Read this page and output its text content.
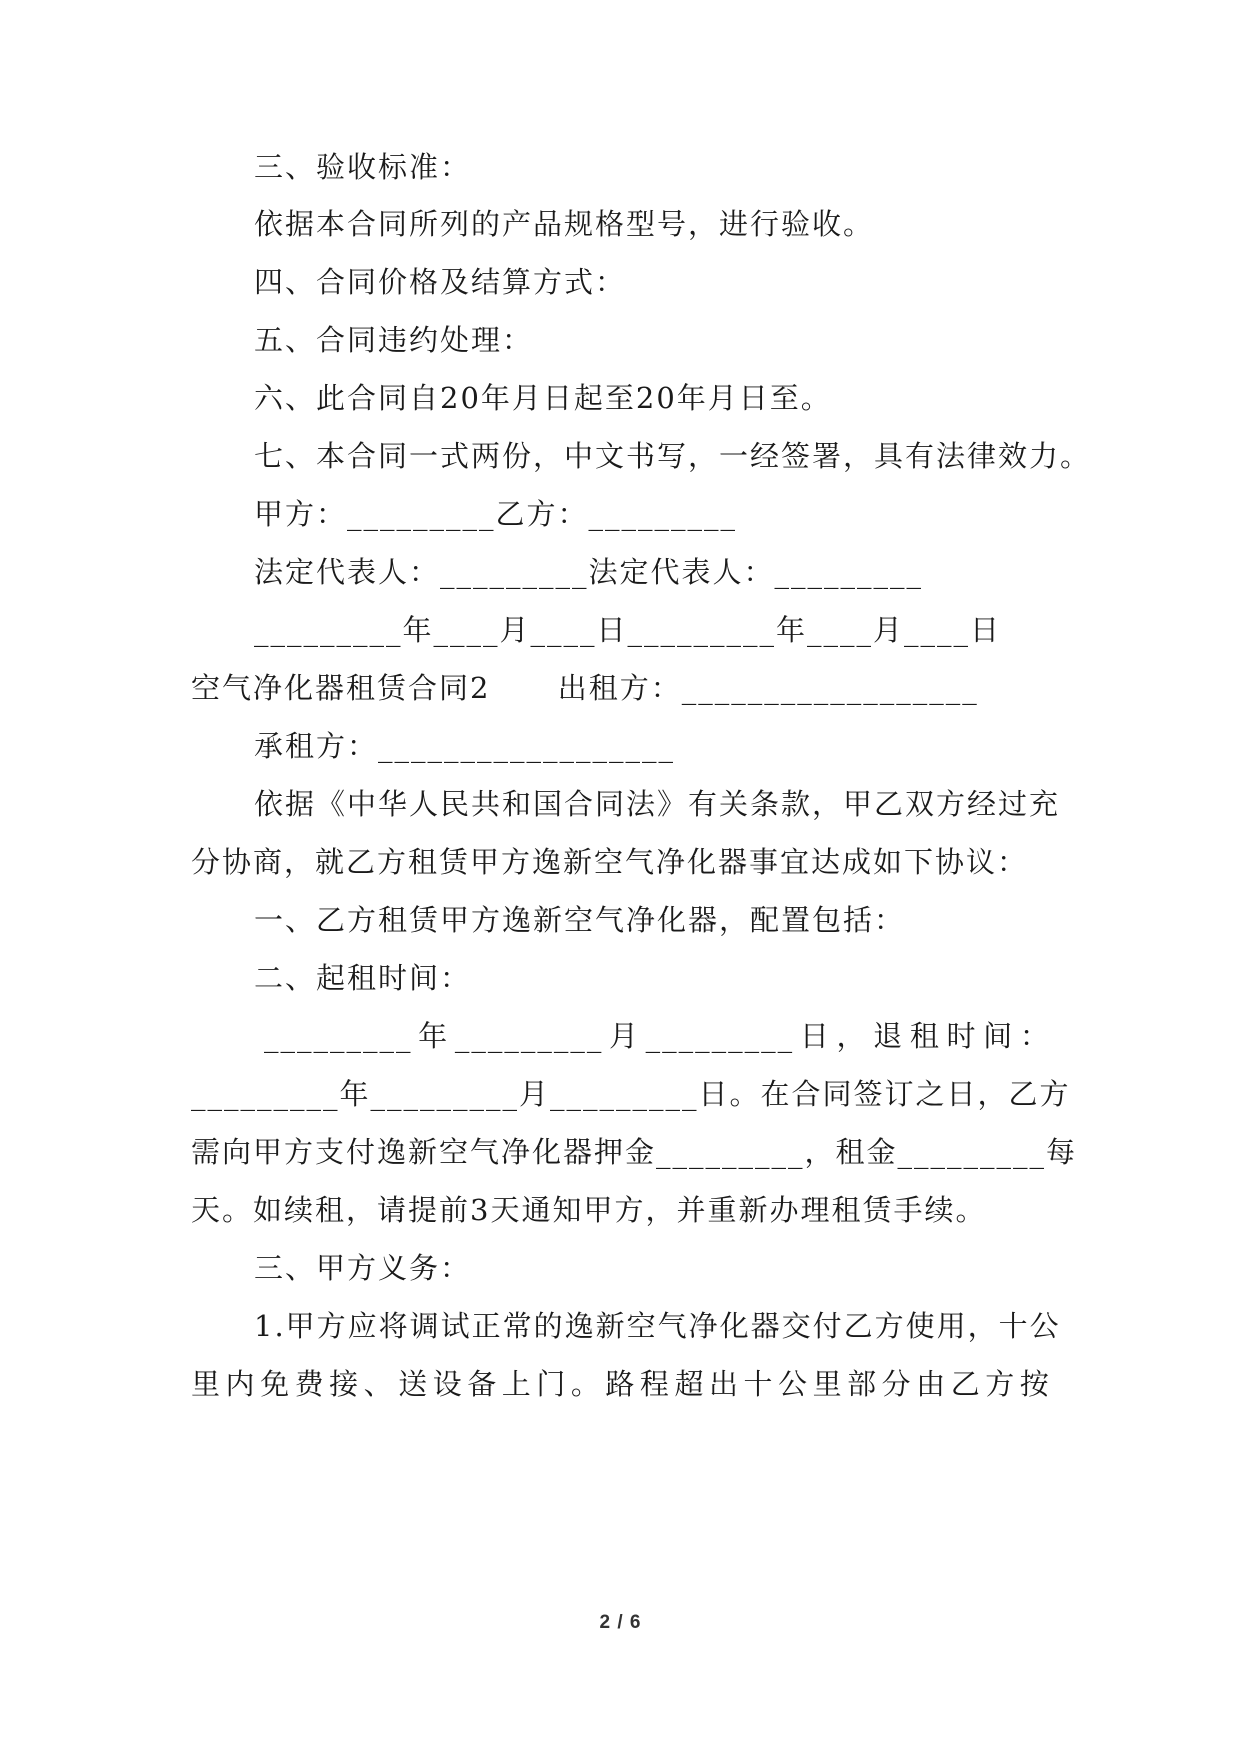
三、验收标准：
依据本合同所列的产品规格型号，进行验收。
四、合同价格及结算方式：
五、合同违约处理：
六、此合同自20年月日起至20年月日至。
七、本合同一式两份，中文书写，一经签署，具有法律效力。
甲方：_________乙方：_________
法定代表人：_________法定代表人：_________
_________年____月____日_________年____月____日
空气净化器租赁合同2      出租方：__________________
承租方：__________________
依据《中华人民共和国合同法》有关条款，甲乙双方经过充
分协商，就乙方租赁甲方逸新空气净化器事宜达成如下协议：
一、乙方租赁甲方逸新空气净化器，配置包括：
二、起租时间：
_________ 年 _________ 月 _________ 日 ， 退 租 时 间 ：
_________年_________月_________日。在合同签订之日，乙方
需向甲方支付逸新空气净化器押金_________，租金_________每
天。如续租，请提前3天通知甲方，并重新办理租赁手续。
三、甲方义务：
1.甲方应将调试正常的逸新空气净化器交付乙方使用，十公
里 内 免 费 接 、 送 设 备 上 门 。 路 程 超 出 十 公 里 部 分 由 乙 方 按
2 / 6
